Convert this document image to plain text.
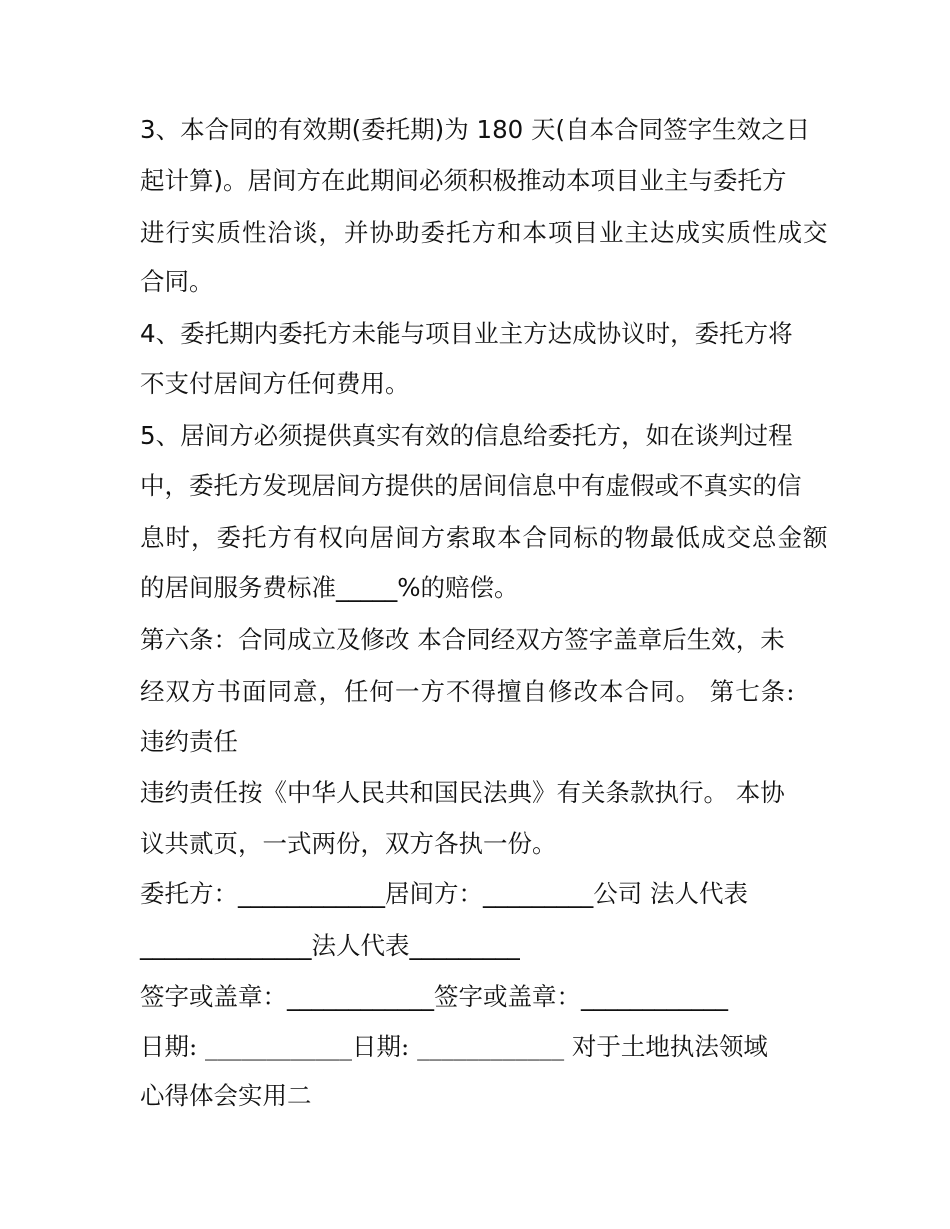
3、本合同的有效期(委托期)为 180 天(自本合同签字生效之日
起计算)。居间方在此期间必须积极推动本项目业主与委托方
进行实质性洽谈，并协助委托方和本项目业主达成实质性成交
合同。
4、委托期内委托方未能与项目业主方达成协议时，委托方将
不支付居间方任何费用。
5、居间方必须提供真实有效的信息给委托方，如在谈判过程
中，委托方发现居间方提供的居间信息中有虚假或不真实的信
息时，委托方有权向居间方索取本合同标的物最低成交总金额
的居间服务费标准_____%的赔偿。
第六条：合同成立及修改 本合同经双方签字盖章后生效，未
经双方书面同意，任何一方不得擅自修改本合同。 第七条:
违约责任
违约责任按《中华人民共和国民法典》有关条款执行。 本协
议共贰页，一式两份，双方各执一份。
委托方：____________居间方：_________公司 法人代表
______________法人代表_________
签字或盖章：____________签字或盖章：____________
日期: ____________日期: ____________ 对于土地执法领域
心得体会实用二
